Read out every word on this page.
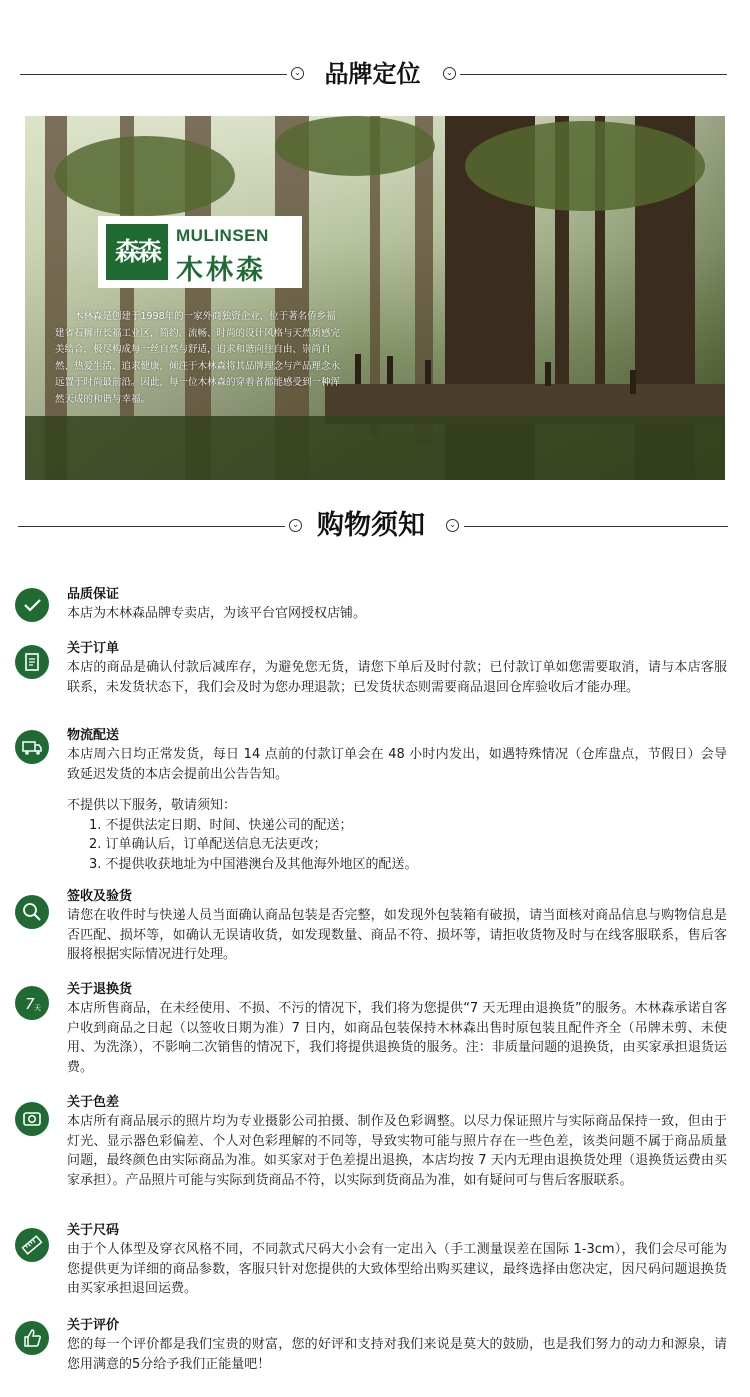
⌄ 品牌定位	⌄
森森
MULINSEN
木林森
木林森是创建于1998年的一家外商独资企业，位于著名侨乡福建省石狮市长福工业区，简约、流畅、时尚的设计风格与天然质感完美结合，极尽构成每一丝自然与舒适，追求和谐向往自由、崇尚自然、热爱生活、追求健康，倾注于木林森将其品牌理念与产品理念永远置于时尚最前沿。因此，每一位木林森的穿着者都能感受到一种浑然天成的和谐与幸福。
⌄ 购物须知	⌄
品质保证
本店为木林森品牌专卖店，为该平台官网授权店铺。
关于订单
本店的商品是确认付款后减库存，为避免您无货，请您下单后及时付款；已付款订单如您需要取消，请与本店客服联系，未发货状态下，我们会及时为您办理退款；已发货状态则需要商品退回仓库验收后才能办理。
物流配送
本店周六日均正常发货，每日 14 点前的付款订单会在 48 小时内发出，如遇特殊情况（仓库盘点，节假日）会导致延迟发货的本店会提前出公告告知。
不提供以下服务，敬请须知：
1. 不提供法定日期、时间、快递公司的配送；
2. 订单确认后，订单配送信息无法更改；
3. 不提供收获地址为中国港澳台及其他海外地区的配送。
签收及验货
请您在收件时与快递人员当面确认商品包装是否完整，如发现外包装箱有破损，请当面核对商品信息与购物信息是否匹配、损坏等，如确认无误请收货，如发现数量、商品不符、损坏等，请拒收货物及时与在线客服联系，售后客服将根据实际情况进行处理。
7 天
关于退换货
本店所售商品，在未经使用、不损、不污的情况下，我们将为您提供“7 天无理由退换货”的服务。木林森承诺自客户收到商品之日起（以签收日期为准）7 日内，如商品包装保持木林森出售时原包装且配件齐全（吊牌未剪、未使用、为洗涤），不影响二次销售的情况下，我们将提供退换货的服务。注：非质量问题的退换货，由买家承担退货运费。
关于色差
本店所有商品展示的照片均为专业摄影公司拍摄、制作及色彩调整。以尽力保证照片与实际商品保持一致，但由于灯光、显示器色彩偏差、个人对色彩理解的不同等，导致实物可能与照片存在一些色差，该类问题不属于商品质量问题，最终颜色由实际商品为准。如买家对于色差提出退换，本店均按 7 天内无理由退换货处理（退换货运费由买家承担）。产品照片可能与实际到货商品不符，以实际到货商品为准，如有疑问可与售后客服联系。
关于尺码
由于个人体型及穿衣风格不同，不同款式尺码大小会有一定出入（手工测量误差在国际 1-3cm），我们会尽可能为您提供更为详细的商品参数，客服只针对您提供的大致体型给出购买建议，最终选择由您决定，因尺码问题退换货由买家承担退回运费。
关于评价
您的每一个评价都是我们宝贵的财富，您的好评和支持对我们来说是莫大的鼓励，也是我们努力的动力和源泉，请您用满意的5分给予我们正能量吧！
